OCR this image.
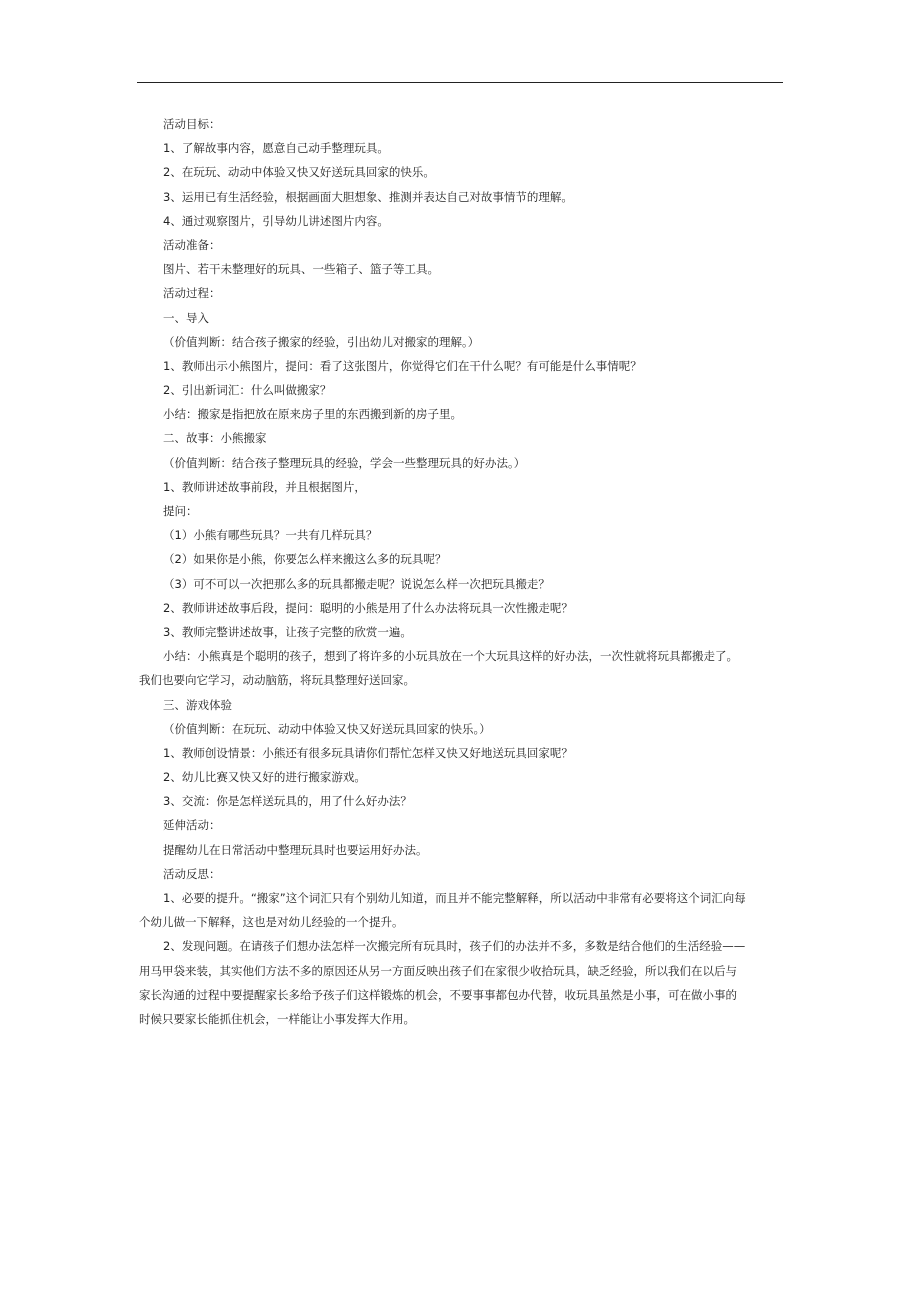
活动目标：
1、了解故事内容，愿意自己动手整理玩具。
2、在玩玩、动动中体验又快又好送玩具回家的快乐。
3、运用已有生活经验，根据画面大胆想象、推测并表达自己对故事情节的理解。
4、通过观察图片，引导幼儿讲述图片内容。
活动准备：
图片、若干未整理好的玩具、一些箱子、篮子等工具。
活动过程：
一、导入
（价值判断：结合孩子搬家的经验，引出幼儿对搬家的理解。）
1、教师出示小熊图片，提问：看了这张图片，你觉得它们在干什么呢？有可能是什么事情呢？
2、引出新词汇：什么叫做搬家？
小结：搬家是指把放在原来房子里的东西搬到新的房子里。
二、故事：小熊搬家
（价值判断：结合孩子整理玩具的经验，学会一些整理玩具的好办法。）
1、教师讲述故事前段，并且根据图片，
提问：
（1）小熊有哪些玩具？一共有几样玩具？
（2）如果你是小熊，你要怎么样来搬这么多的玩具呢？
（3）可不可以一次把那么多的玩具都搬走呢？说说怎么样一次把玩具搬走？
2、教师讲述故事后段，提问：聪明的小熊是用了什么办法将玩具一次性搬走呢？
3、教师完整讲述故事，让孩子完整的欣赏一遍。
小结：小熊真是个聪明的孩子，想到了将许多的小玩具放在一个大玩具这样的好办法，一次性就将玩具都搬走了。
我们也要向它学习，动动脑筋，将玩具整理好送回家。
三、游戏体验
（价值判断：在玩玩、动动中体验又快又好送玩具回家的快乐。）
1、教师创设情景：小熊还有很多玩具请你们帮忙怎样又快又好地送玩具回家呢？
2、幼儿比赛又快又好的进行搬家游戏。
3、交流：你是怎样送玩具的，用了什么好办法？
延伸活动：
提醒幼儿在日常活动中整理玩具时也要运用好办法。
活动反思：
1、必要的提升。“搬家”这个词汇只有个别幼儿知道，而且并不能完整解释，所以活动中非常有必要将这个词汇向每
个幼儿做一下解释，这也是对幼儿经验的一个提升。
2、发现问题。在请孩子们想办法怎样一次搬完所有玩具时，孩子们的办法并不多，多数是结合他们的生活经验——
用马甲袋来装，其实他们方法不多的原因还从另一方面反映出孩子们在家很少收拾玩具，缺乏经验，所以我们在以后与
家长沟通的过程中要提醒家长多给予孩子们这样锻炼的机会，不要事事都包办代替，收玩具虽然是小事，可在做小事的
时候只要家长能抓住机会，一样能让小事发挥大作用。
